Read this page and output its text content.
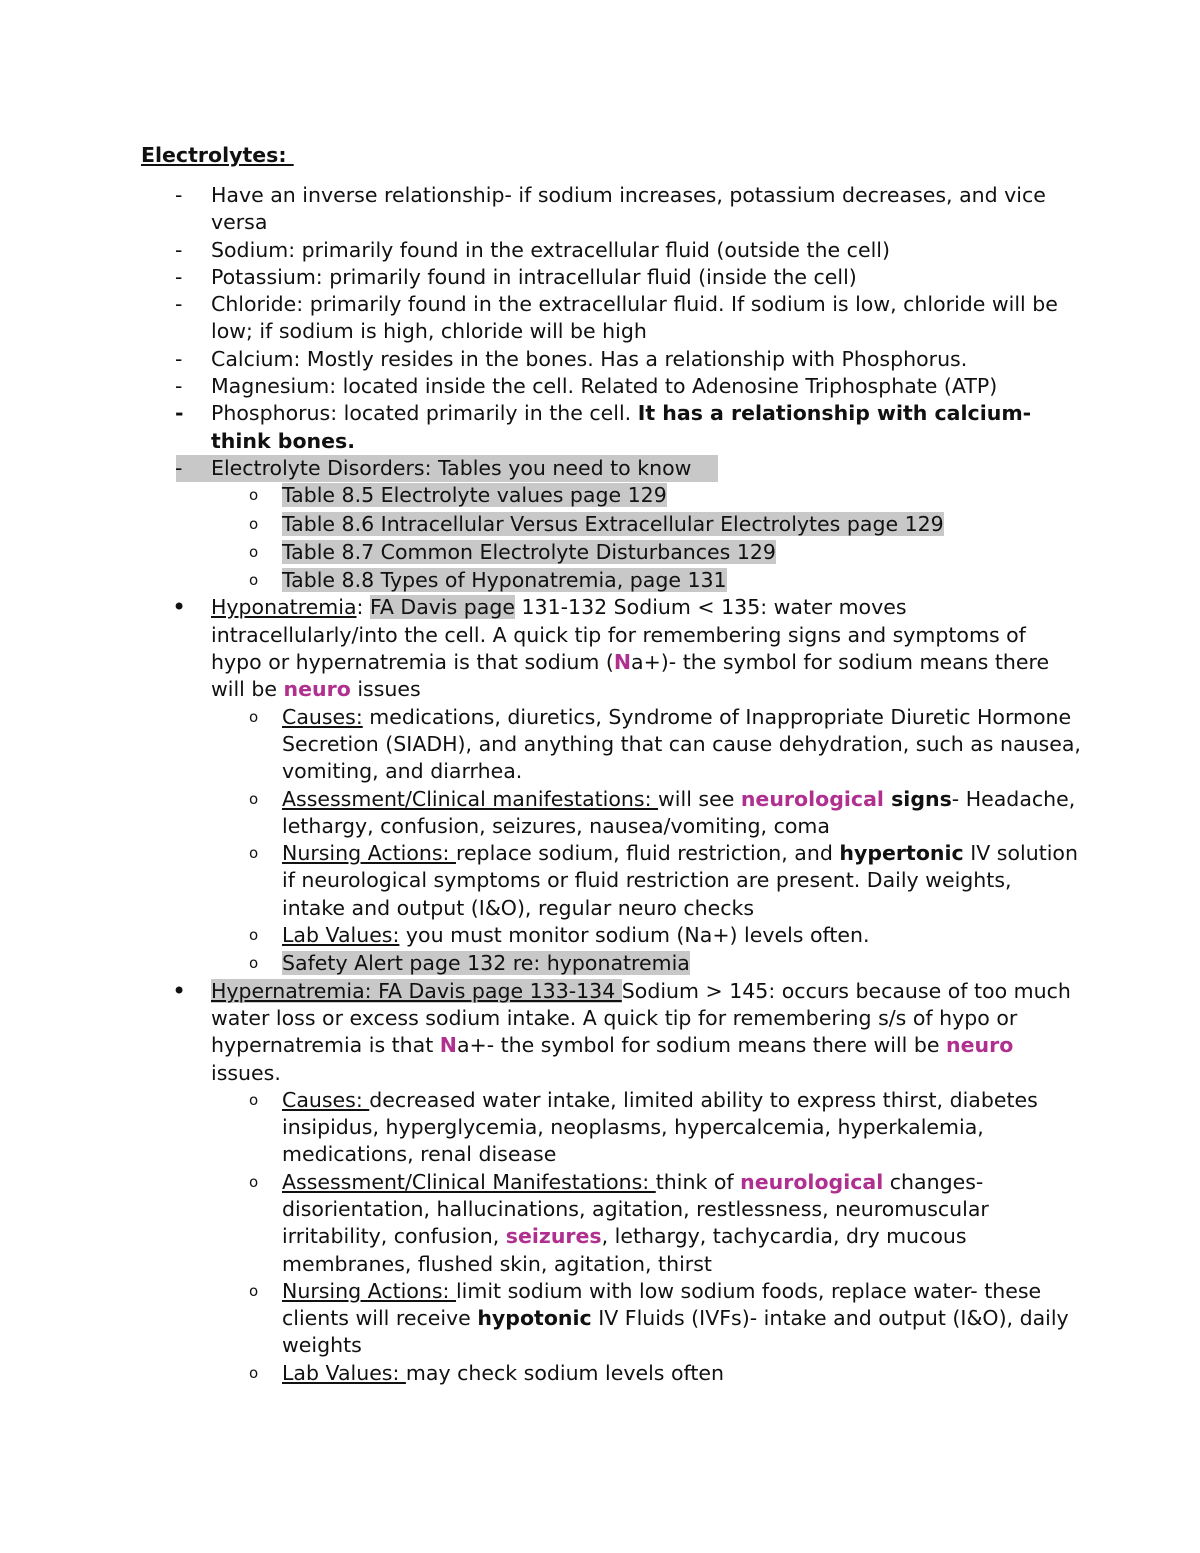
Electrolytes:
- Have an inverse relationship- if sodium increases, potassium decreases, and vice versa
- Sodium: primarily found in the extracellular fluid (outside the cell)
- Potassium: primarily found in intracellular fluid (inside the cell)
- Chloride: primarily found in the extracellular fluid. If sodium is low, chloride will be low; if sodium is high, chloride will be high
- Calcium: Mostly resides in the bones. Has a relationship with Phosphorus.
- Magnesium: located inside the cell. Related to Adenosine Triphosphate (ATP)
- Phosphorus: located primarily in the cell. It has a relationship with calcium- think bones.
- Electrolyte Disorders: Tables you need to know
o Table 8.5 Electrolyte values page 129
o Table 8.6 Intracellular Versus Extracellular Electrolytes page 129
o Table 8.7 Common Electrolyte Disturbances 129
o Table 8.8 Types of Hyponatremia, page 131
• Hyponatremia: FA Davis page 131-132 Sodium < 135: water moves intracellularly/into the cell. A quick tip for remembering signs and symptoms of hypo or hypernatremia is that sodium (Na+)- the symbol for sodium means there will be neuro issues
o Causes: medications, diuretics, Syndrome of Inappropriate Diuretic Hormone Secretion (SIADH), and anything that can cause dehydration, such as nausea, vomiting, and diarrhea.
o Assessment/Clinical manifestations: will see neurological signs- Headache, lethargy, confusion, seizures, nausea/vomiting, coma
o Nursing Actions: replace sodium, fluid restriction, and hypertonic IV solution if neurological symptoms or fluid restriction are present. Daily weights, intake and output (I&O), regular neuro checks
o Lab Values: you must monitor sodium (Na+) levels often.
o Safety Alert page 132 re: hyponatremia
• Hypernatremia: FA Davis page 133-134 Sodium > 145: occurs because of too much water loss or excess sodium intake. A quick tip for remembering s/s of hypo or hypernatremia is that Na+- the symbol for sodium means there will be neuro issues.
o Causes: decreased water intake, limited ability to express thirst, diabetes insipidus, hyperglycemia, neoplasms, hypercalcemia, hyperkalemia, medications, renal disease
o Assessment/Clinical Manifestations: think of neurological changes- disorientation, hallucinations, agitation, restlessness, neuromuscular irritability, confusion, seizures, lethargy, tachycardia, dry mucous membranes, flushed skin, agitation, thirst
o Nursing Actions: limit sodium with low sodium foods, replace water- these clients will receive hypotonic IV Fluids (IVFs)- intake and output (I&O), daily weights
o Lab Values: may check sodium levels often
